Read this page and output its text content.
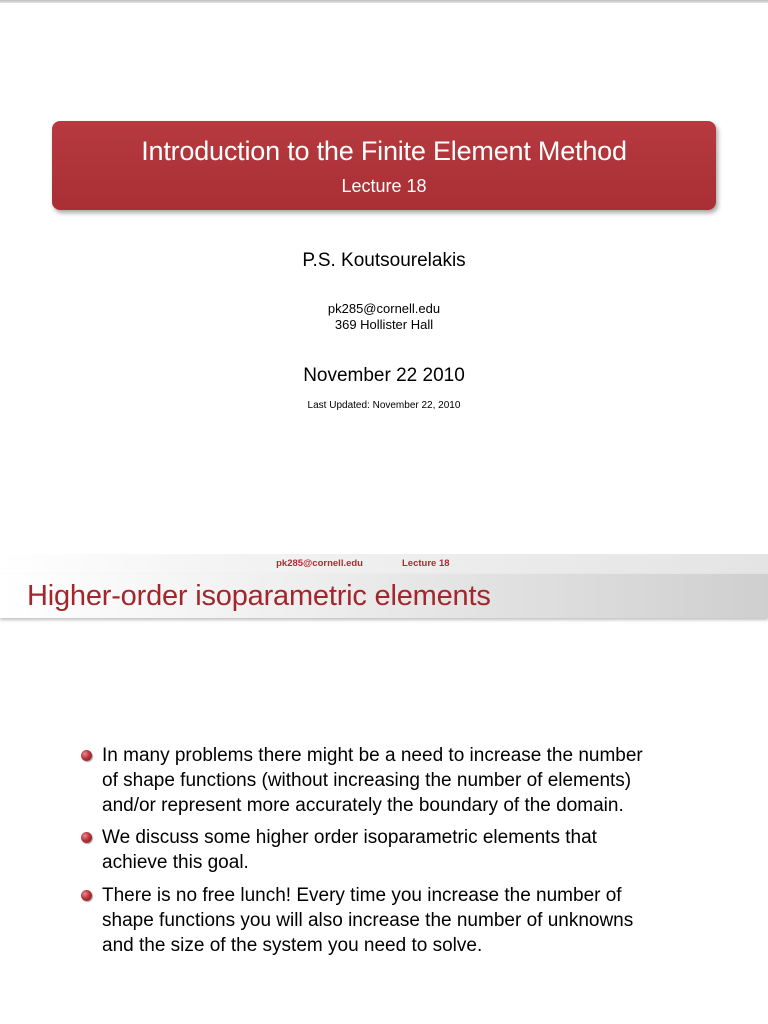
Introduction to the Finite Element Method
Lecture 18
P.S. Koutsourelakis
pk285@cornell.edu
369 Hollister Hall
November 22 2010
Last Updated: November 22, 2010
pk285@cornell.edu	Lecture 18
Higher-order isoparametric elements
In many problems there might be a need to increase the number
of shape functions (without increasing the number of elements)
and/or represent more accurately the boundary of the domain.
We discuss some higher order isoparametric elements that
achieve this goal.
There is no free lunch! Every time you increase the number of
shape functions you will also increase the number of unknowns
and the size of the system you need to solve.
